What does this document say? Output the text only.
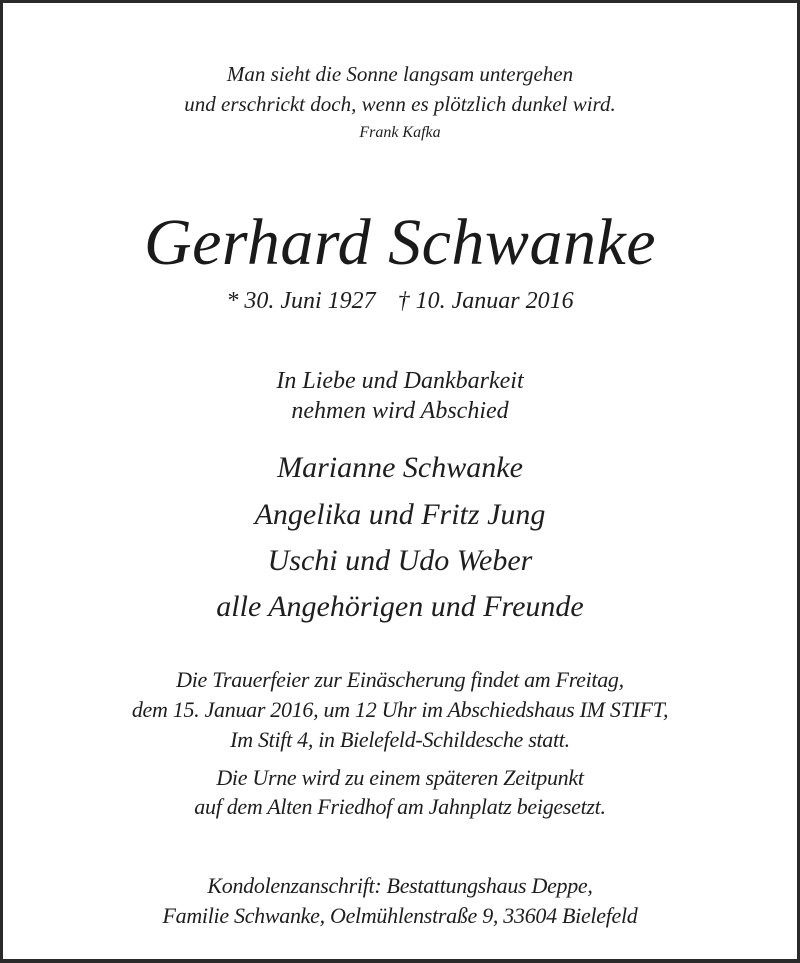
Man sieht die Sonne langsam untergehen
und erschrickt doch, wenn es plötzlich dunkel wird.
Frank Kafka
Gerhard Schwanke
* 30. Juni 1927 † 10. Januar 2016
In Liebe und Dankbarkeit
nehmen wird Abschied
Marianne Schwanke
Angelika und Fritz Jung
Uschi und Udo Weber
alle Angehörigen und Freunde
Die Trauerfeier zur Einäscherung findet am Freitag,
dem 15. Januar 2016, um 12 Uhr im Abschiedshaus IM STIFT,
Im Stift 4, in Bielefeld-Schildesche statt.
Die Urne wird zu einem späteren Zeitpunkt
auf dem Alten Friedhof am Jahnplatz beigesetzt.
Kondolenzanschrift: Bestattungshaus Deppe,
Familie Schwanke, Oelmühlenstraße 9, 33604 Bielefeld
